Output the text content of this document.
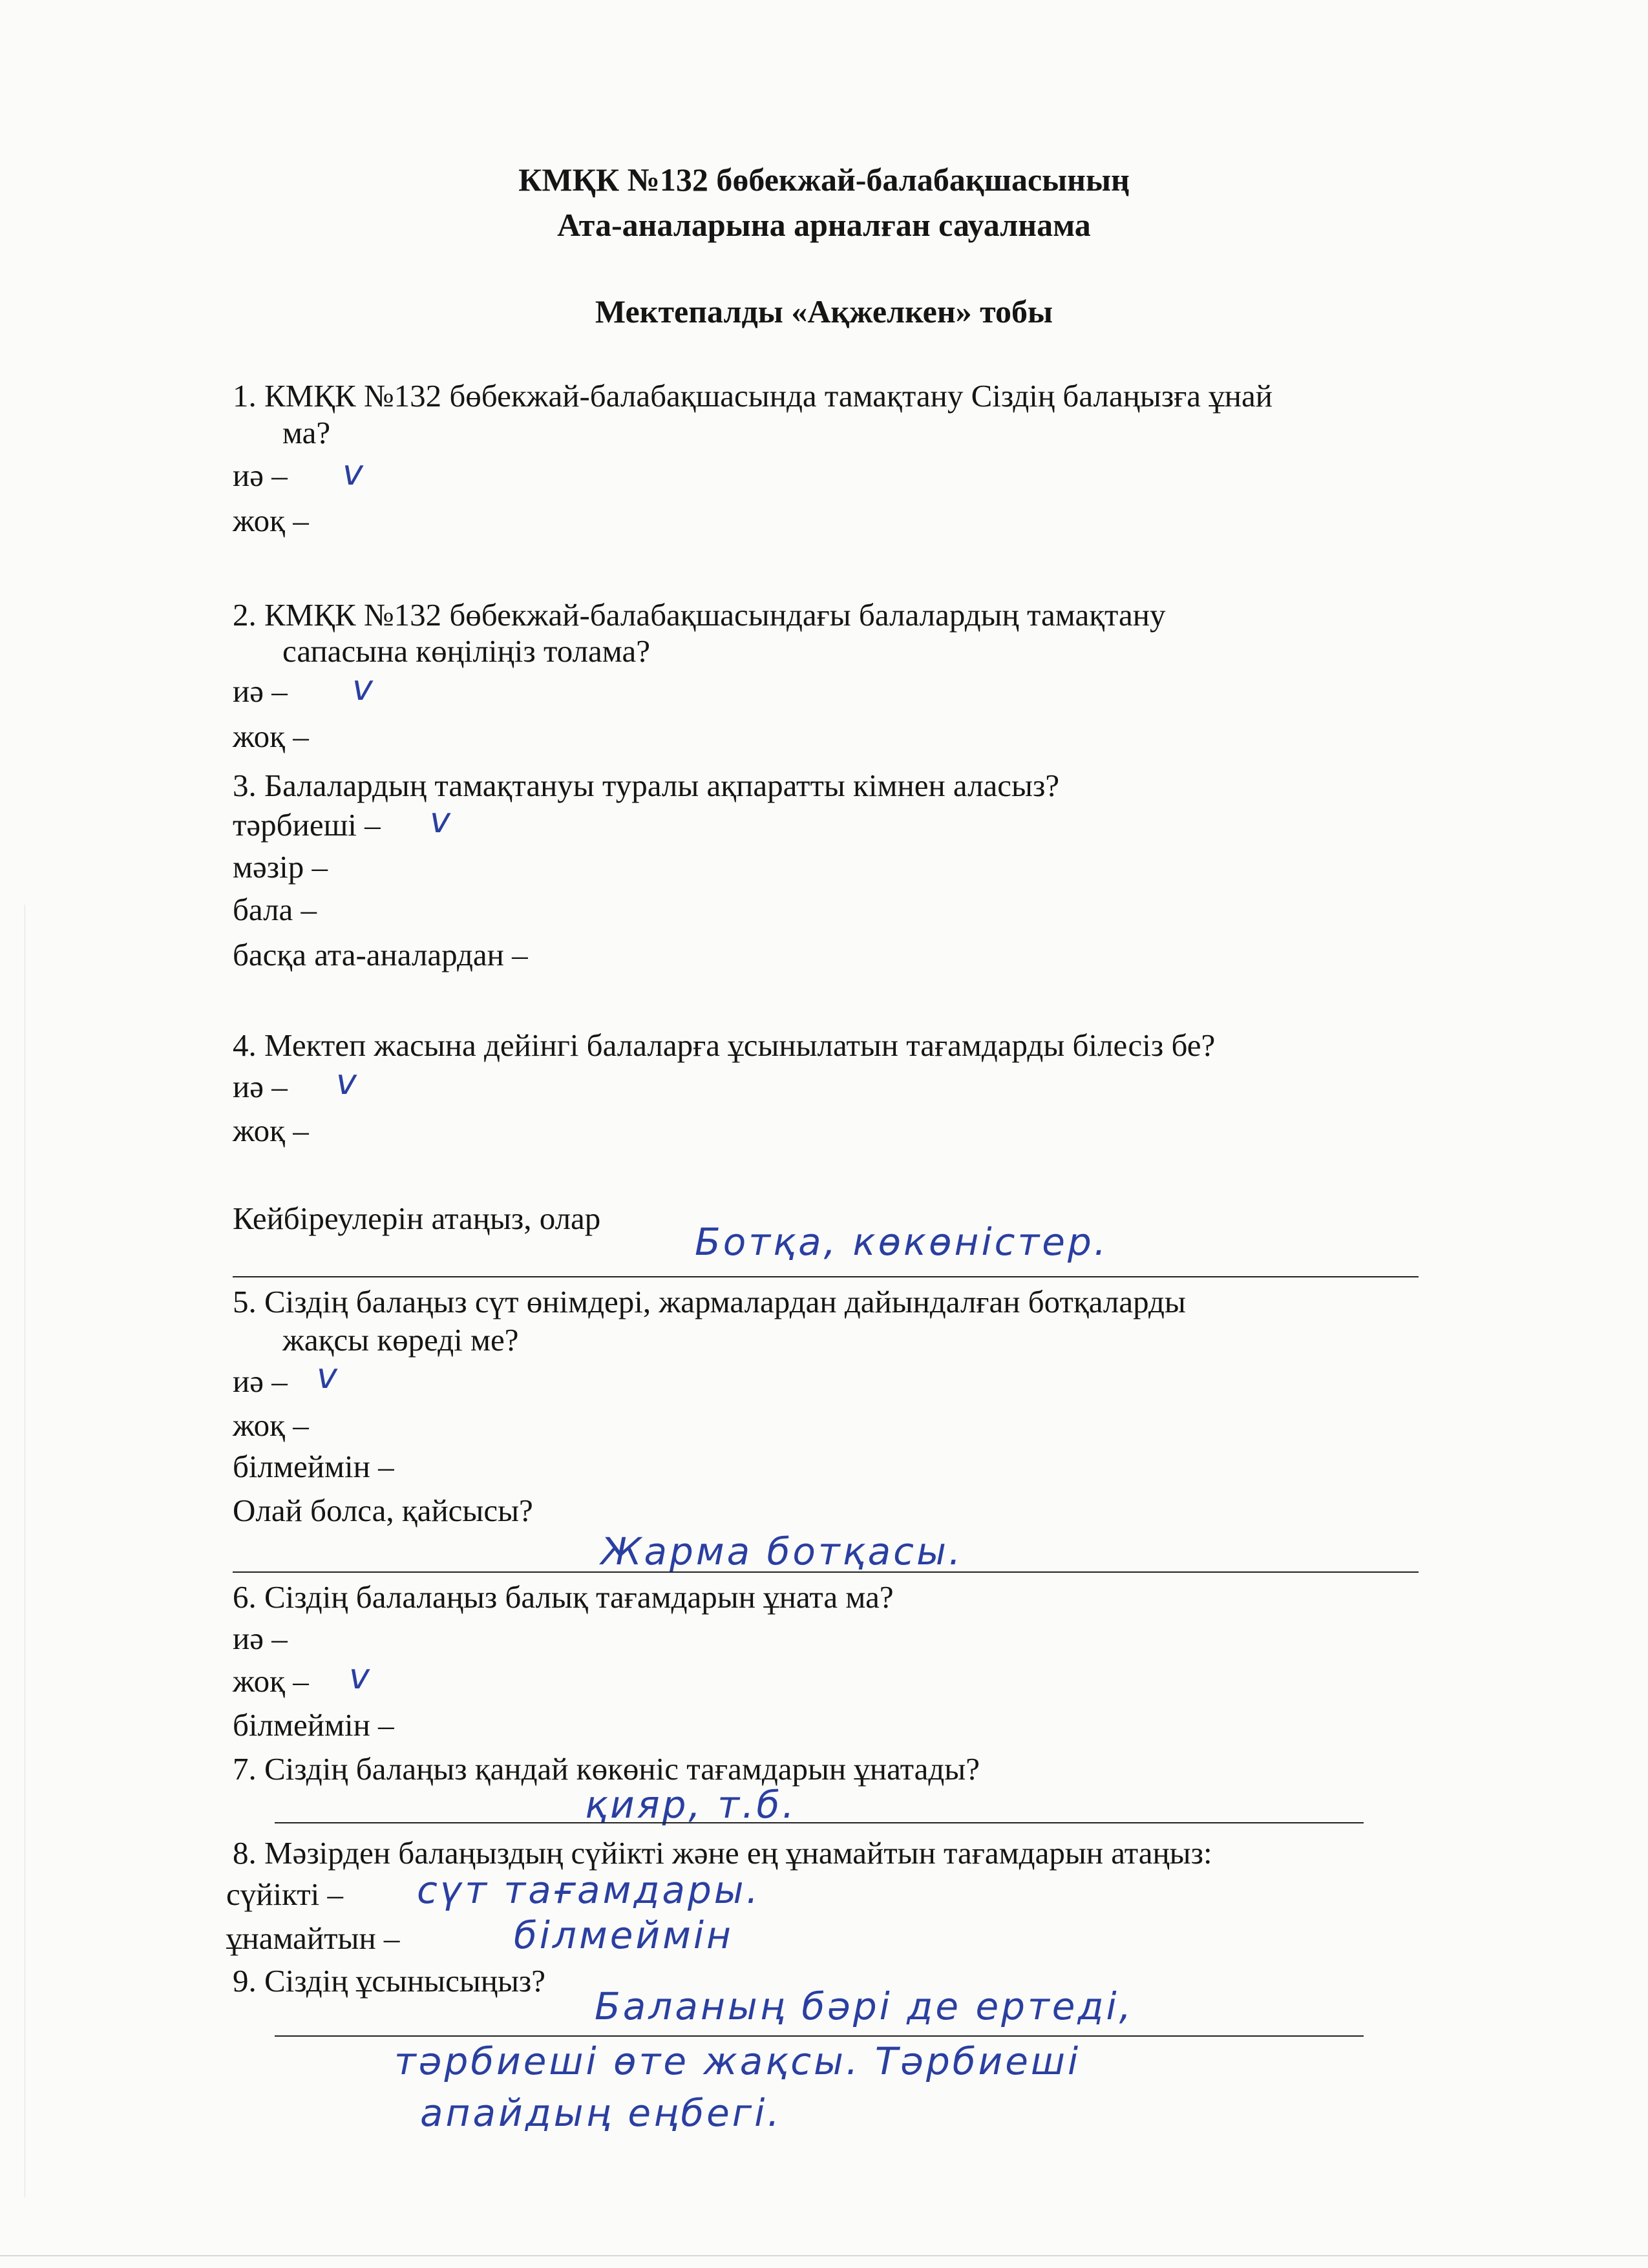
КМҚК №132 бөбекжай-балабақшасының
Ата-аналарына арналған сауалнама
Мектепалды «Ақжелкен» тобы
1. КМҚК №132 бөбекжай-балабақшасында тамақтану Сіздің балаңызға ұнай
ма?
иә – v
жоқ –
2. КМҚК №132 бөбекжай-балабақшасындағы балалардың тамақтану
сапасына көңіліңіз толама?
иә – v
жоқ –
3. Балалардың тамақтануы туралы ақпаратты кімнен аласыз?
тәрбиеші – v
мәзір –
бала –
басқа ата-аналардан –
4. Мектеп жасына дейінгі балаларға ұсынылатын тағамдарды білесіз бе?
иә – v
жоқ –
Кейбіреулерін атаңыз, олар
Ботқа, көкөністер.
5. Сіздің балаңыз сүт өнімдері, жармалардан дайындалған ботқаларды
жақсы көреді ме?
иә – v
жоқ –
білмеймін –
Олай болса, қайсысы?
Жарма ботқасы.
6. Сіздің балалаңыз балық тағамдарын ұната ма?
иә –
жоқ – v
білмеймін –
7. Сіздің балаңыз қандай көкөніс тағамдарын ұнатады?
қияр, т.б.
8. Мәзірден балаңыздың сүйікті және ең ұнамайтын тағамдарын атаңыз:
сүйікті – сүт тағамдары.
ұнамайтын –	білмеймін
9. Сіздің ұсынысыңыз?
Баланың бәрі де ертеді,
тәрбиеші өте жақсы. Тәрбиеші
апайдың еңбегі.
